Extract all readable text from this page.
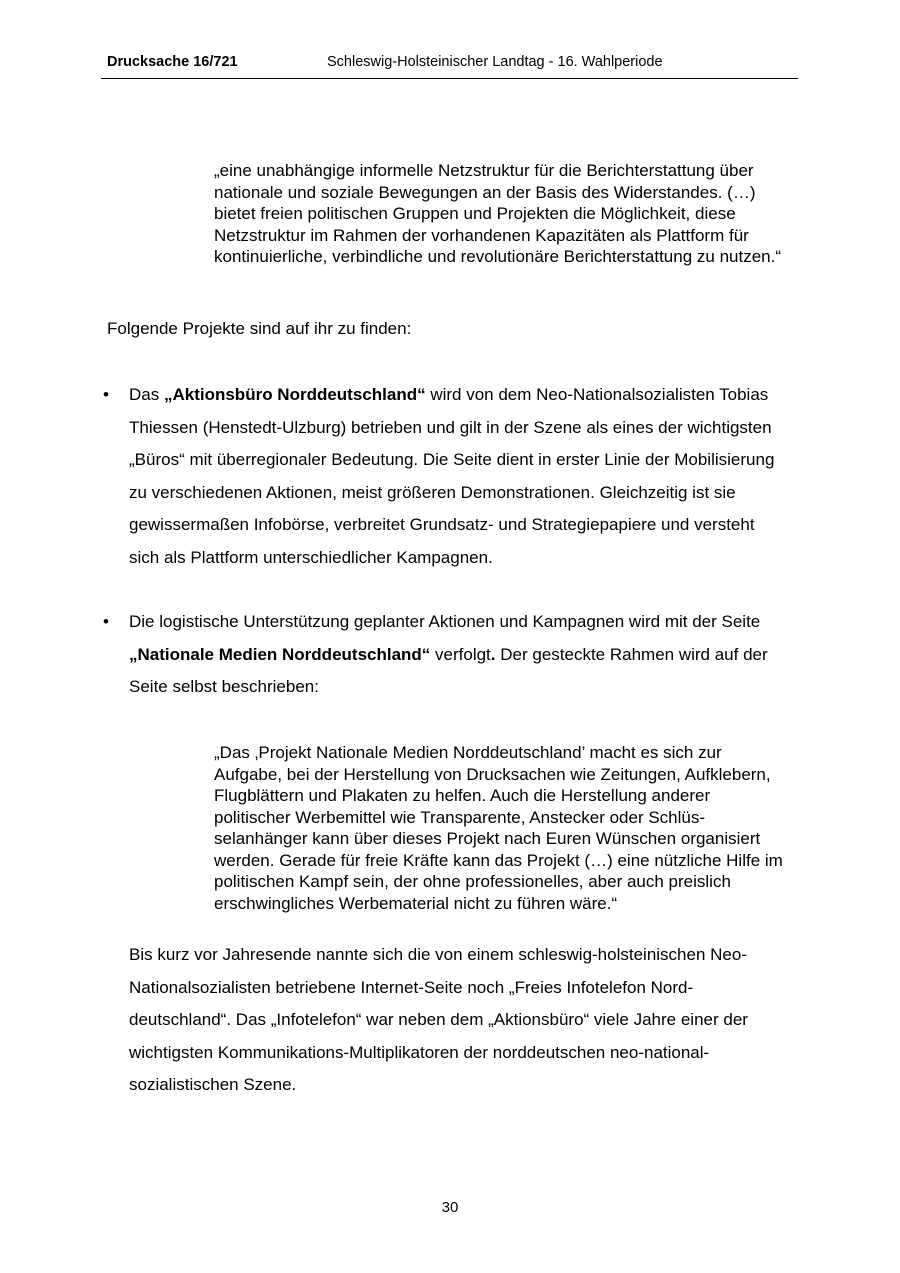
Drucksache 16/721	Schleswig-Holsteinischer Landtag - 16. Wahlperiode
„eine unabhängige informelle Netzstruktur für die Berichterstattung über nationale und soziale Bewegungen an der Basis des Widerstandes. (…) bietet freien politischen Gruppen und Projekten die Möglichkeit, diese Netzstruktur im Rahmen der vorhandenen Kapazitäten als Plattform für kontinuierliche, verbindliche und revolutionäre Berichterstattung zu nutzen.“
Folgende Projekte sind auf ihr zu finden:
• Das „Aktionsbüro Norddeutschland“ wird von dem Neo-Nationalsozialisten Tobias Thiessen (Henstedt-Ulzburg) betrieben und gilt in der Szene als eines der wichtigsten „Büros“ mit überregionaler Bedeutung. Die Seite dient in erster Linie der Mobilisierung zu verschiedenen Aktionen, meist größeren Demonstrationen. Gleichzeitig ist sie gewissermaßen Infobörse, verbreitet Grundsatz- und Strategiepapiere und versteht sich als Plattform unterschiedlicher Kampagnen.
• Die logistische Unterstützung geplanter Aktionen und Kampagnen wird mit der Seite „Nationale Medien Norddeutschland“ verfolgt. Der gesteckte Rahmen wird auf der Seite selbst beschrieben:
„Das ‚Projekt Nationale Medien Norddeutschland’ macht es sich zur Aufgabe, bei der Herstellung von Drucksachen wie Zeitungen, Aufklebern, Flugblättern und Plakaten zu helfen. Auch die Herstellung anderer politischer Werbemittel wie Transparente, Anstecker oder Schlüsselanhänger kann über dieses Projekt nach Euren Wünschen organisiert werden. Gerade für freie Kräfte kann das Projekt (…) eine nützliche Hilfe im politischen Kampf sein, der ohne professionelles, aber auch preislich erschwingliches Werbematerial nicht zu führen wäre.“
Bis kurz vor Jahresende nannte sich die von einem schleswig-holsteinischen Neo-Nationalsozialisten betriebene Internet-Seite noch „Freies Infotelefon Norddeutschland“. Das „Infotelefon“ war neben dem „Aktionsbüro“ viele Jahre einer der wichtigsten Kommunikations-Multiplikatoren der norddeutschen neo-nationalsozialistischen Szene.
30
